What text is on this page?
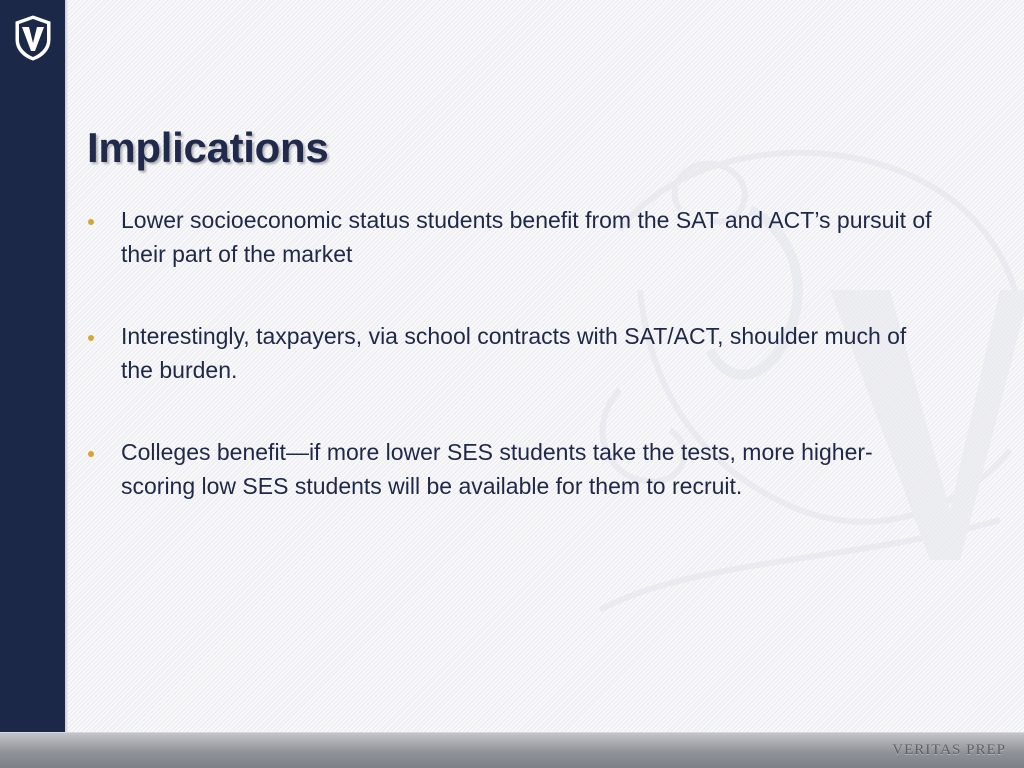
Implications
Lower socioeconomic status students benefit from the SAT and ACT’s pursuit of their part of the market
Interestingly, taxpayers, via school contracts with SAT/ACT, shoulder much of the burden.
Colleges benefit—if more lower SES students take the tests, more higher-scoring low SES students will be available for them to recruit.
VERITAS PREP
